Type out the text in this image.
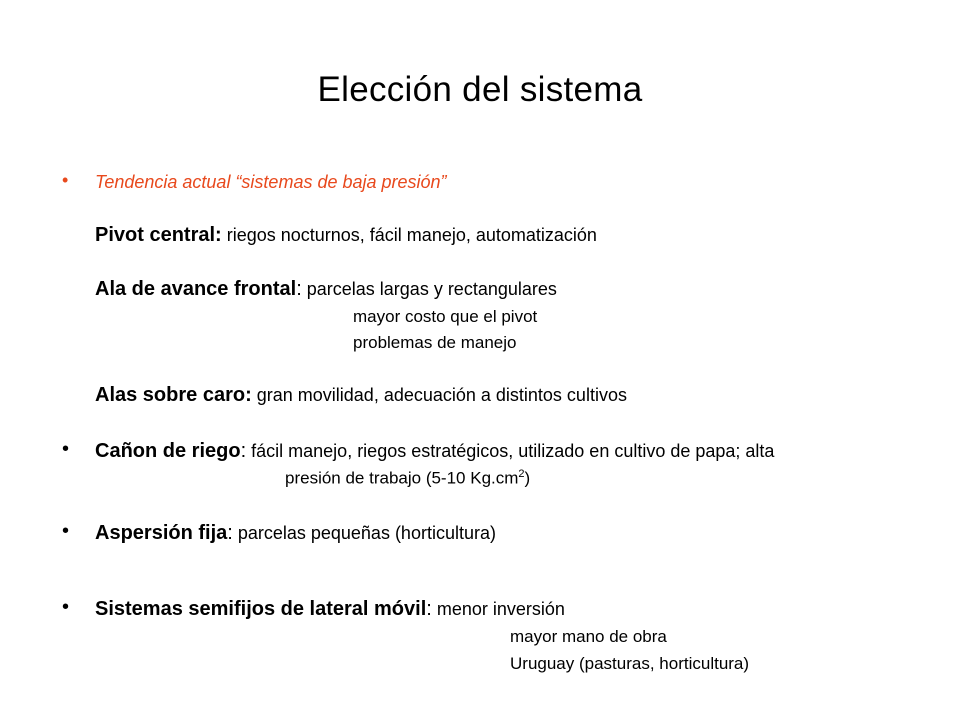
Elección del sistema
• Tendencia actual “sistemas de baja presión”
Pivot central: riegos nocturnos, fácil manejo, automatización
Ala de avance frontal: parcelas largas y rectangulares
mayor costo que el pivot
problemas de manejo
Alas sobre caro: gran movilidad, adecuación a distintos cultivos
• Cañon de riego: fácil manejo, riegos estratégicos, utilizado en cultivo de papa; alta
presión de trabajo (5-10 $Kg.cm^2$)
• Aspersión fija: parcelas pequeñas (horticultura)
• Sistemas semifijos de lateral móvil: menor inversión
mayor mano de obra
Uruguay (pasturas, horticultura)
